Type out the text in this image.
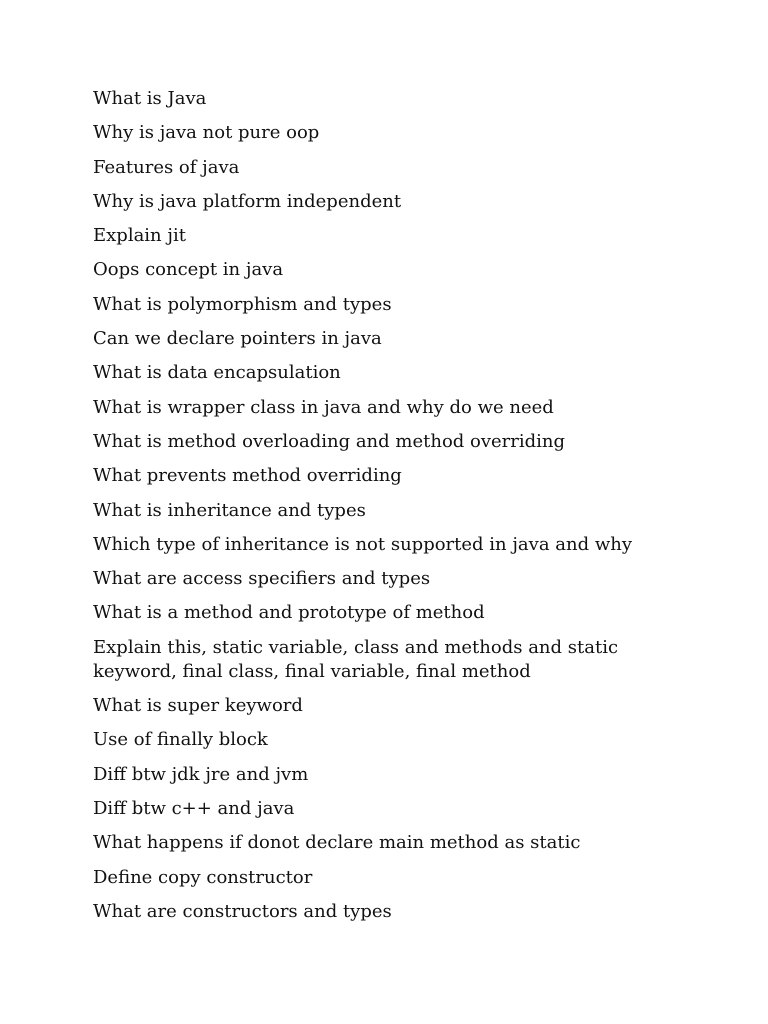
What is Java
Why is java not pure oop
Features of java
Why is java platform independent
Explain jit
Oops concept in java
What is polymorphism and types
Can we declare pointers in java
What is data encapsulation
What is wrapper class in java and why do we need
What is method overloading and method overriding
What prevents method overriding
What is inheritance and types
Which type of inheritance is not supported in java and why
What are access specifiers and types
What is a method and prototype of method
Explain this, static variable, class and methods and static keyword, final class, final variable, final method
What is super keyword
Use of finally block
Diff btw jdk jre and jvm
Diff btw c++ and java
What happens if donot declare main method as static
Define copy constructor
What are constructors and types
